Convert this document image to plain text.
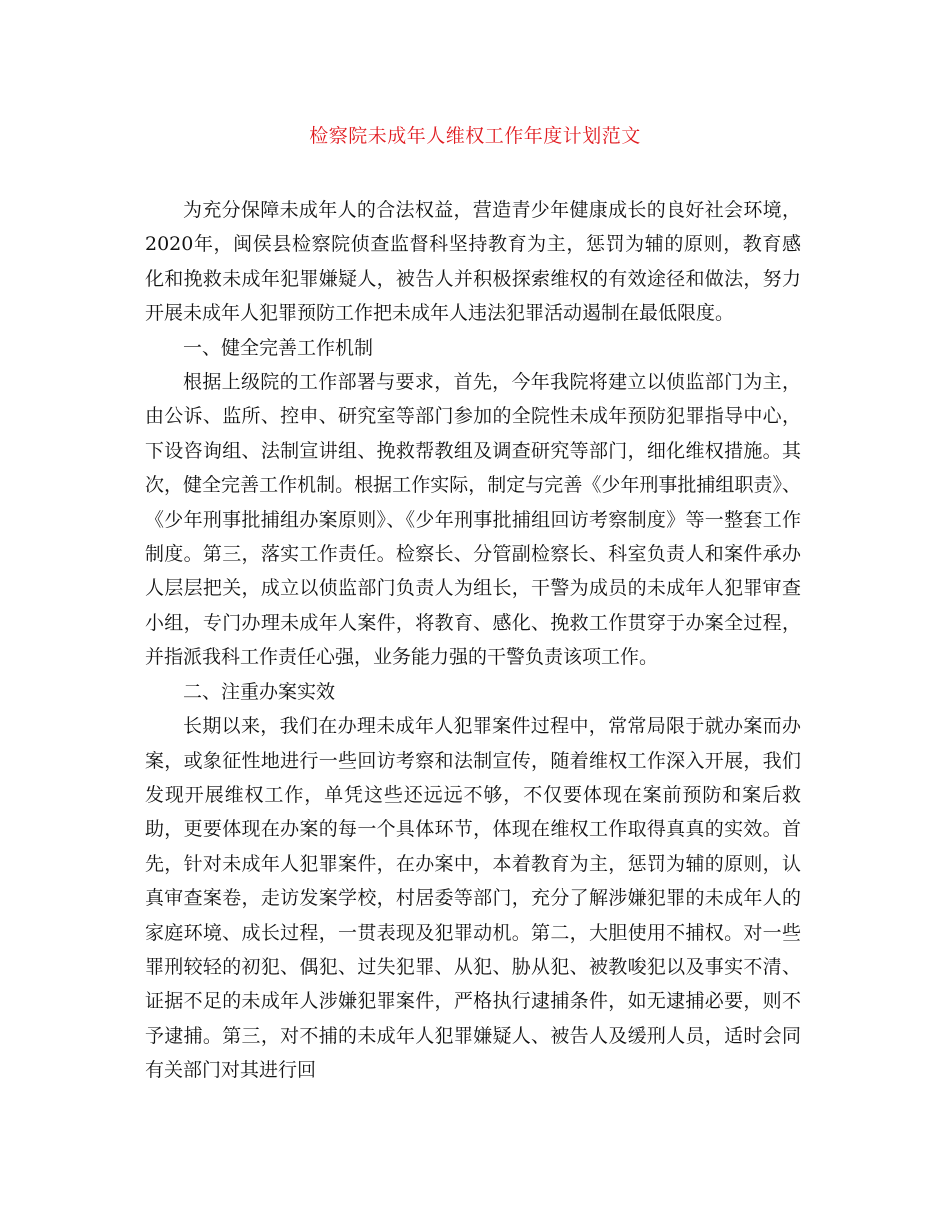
检察院未成年人维权工作年度计划范文

为充分保障未成年人的合法权益，营造青少年健康成长的良好社会环境，2020年，闽侯县检察院侦查监督科坚持教育为主，惩罚为辅的原则，教育感化和挽救未成年犯罪嫌疑人，被告人并积极探索维权的有效途径和做法，努力开展未成年人犯罪预防工作把未成年人违法犯罪活动遏制在最低限度。

一、健全完善工作机制

根据上级院的工作部署与要求，首先，今年我院将建立以侦监部门为主，由公诉、监所、控申、研究室等部门参加的全院性未成年预防犯罪指导中心，下设咨询组、法制宣讲组、挽救帮教组及调查研究等部门，细化维权措施。其次，健全完善工作机制。根据工作实际，制定与完善《少年刑事批捕组职责》、《少年刑事批捕组办案原则》、《少年刑事批捕组回访考察制度》等一整套工作制度。第三，落实工作责任。检察长、分管副检察长、科室负责人和案件承办人层层把关，成立以侦监部门负责人为组长，干警为成员的未成年人犯罪审查小组，专门办理未成年人案件，将教育、感化、挽救工作贯穿于办案全过程，并指派我科工作责任心强，业务能力强的干警负责该项工作。

二、注重办案实效

长期以来，我们在办理未成年人犯罪案件过程中，常常局限于就办案而办案，或象征性地进行一些回访考察和法制宣传，随着维权工作深入开展，我们发现开展维权工作，单凭这些还远远不够，不仅要体现在案前预防和案后救助，更要体现在办案的每一个具体环节，体现在维权工作取得真真的实效。首先，针对未成年人犯罪案件，在办案中，本着教育为主，惩罚为辅的原则，认真审查案卷，走访发案学校，村居委等部门，充分了解涉嫌犯罪的未成年人的家庭环境、成长过程，一贯表现及犯罪动机。第二，大胆使用不捕权。对一些罪刑较轻的初犯、偶犯、过失犯罪、从犯、胁从犯、被教唆犯以及事实不清、证据不足的未成年人涉嫌犯罪案件，严格执行逮捕条件，如无逮捕必要，则不予逮捕。第三，对不捕的未成年人犯罪嫌疑人、被告人及缓刑人员，适时会同有关部门对其进行回
